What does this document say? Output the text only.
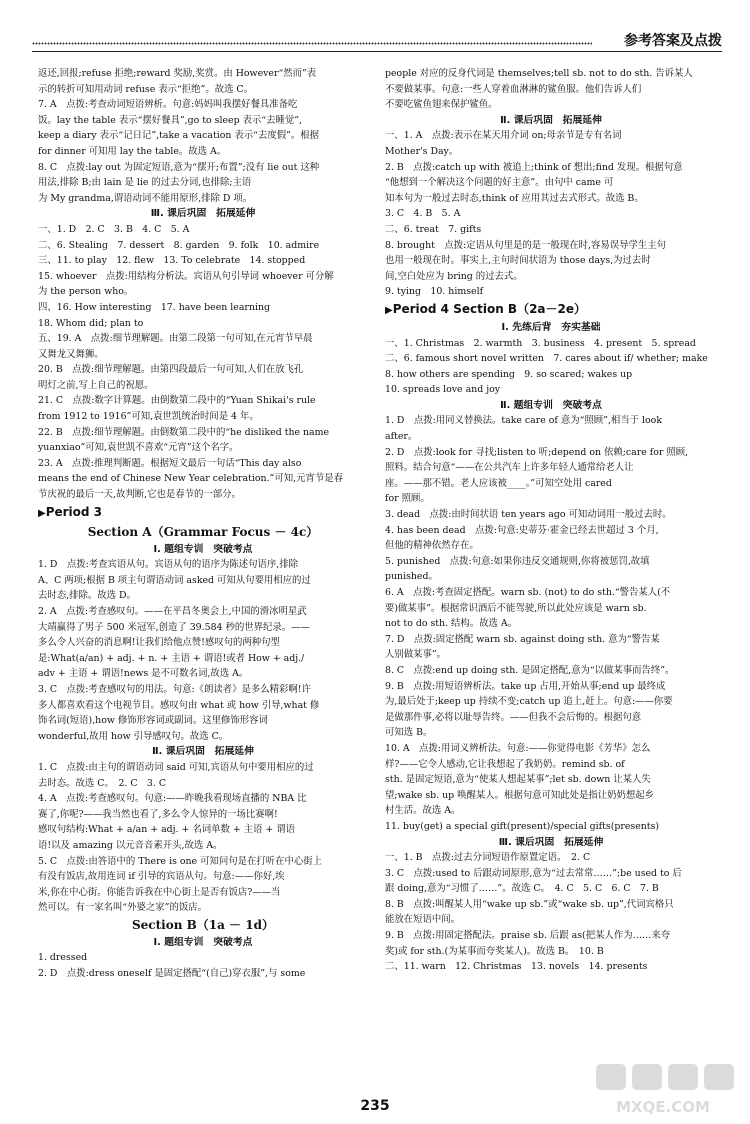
参考答案及点拨
返还,回报;refuse 拒绝;reward 奖励,奖赏。由 However“然而”表
示的转折可知用动词 refuse 表示“拒绝”。故选 C。
7. A　点拨:考查动词短语辨析。句意:妈妈叫我摆好餐具准备吃
饭。lay the table 表示“摆好餐具”,go to sleep 表示“去睡觉”,
keep a diary 表示“记日记”,take a vacation 表示“去度假”。根据
for dinner 可知用 lay the table。故选 A。
8. C　点拨:lay out 为固定短语,意为“摆开;布置”;没有 lie out 这种
用法,排除 B;由 lain 是 lie 的过去分词,也排除;主语
为 My grandma,谓语动词不能用原形,排除 D 项。
Ⅲ. 课后巩固　拓展延伸
一、1. D　2. C　3. B　4. C　5. A
二、6. Stealing　7. dessert　8. garden　9. folk　10. admire
三、11. to play　12. flew　13. To celebrate　14. stopped
15. whoever　点拨:用结构分析法。宾语从句引导词 whoever 可分解
为 the person who。
四、16. How interesting　17. have been learning
18. Whom did; plan to
五、19. A　点拨:细节理解题。由第二段第一句可知,在元宵节早晨
又舞龙又舞狮。
20. B　点拨:细节理解题。由第四段最后一句可知,人们在放飞孔
明灯之前,写上自己的祝愿。
21. C　点拨:数字计算题。由倒数第二段中的“Yuan Shikai's rule
from 1912 to 1916”可知,袁世凯统治时间是 4 年。
22. B　点拨:细节理解题。由倒数第二段中的“he disliked the name
yuanxiao”可知,袁世凯不喜欢“元宵”这个名字。
23. A　点拨:推理判断题。根据短文最后一句话“This day also
means the end of Chinese New Year celebration.”可知,元宵节是春
节庆祝的最后一天,故判断,它也是春节的一部分。
▶Period 3
Section A（Grammar Focus － 4c）
Ⅰ. 题组专训　突破考点
1. D　点拨:考查宾语从句。宾语从句的语序为陈述句语序,排除
A、C 两项;根据 B 项主句谓语动词 asked 可知从句要用相应的过
去时态,排除。故选 D。
2. A　点拨:考查感叹句。——在平昌冬奥会上,中国的滑冰明星武
大靖赢得了男子 500 米冠军,创造了 39.584 秒的世界纪录。——
多么令人兴奋的消息啊!让我们给他点赞!感叹句的两种句型
是:What(a/an) + adj. + n. + 主语 + 谓语!或者 How + adj./
adv + 主语 + 谓语!news 是不可数名词,故选 A。
3. C　点拨:考查感叹句的用法。句意:《朗读者》是多么精彩啊!许
多人都喜欢看这个电视节目。感叹句由 what 或 how 引导,what 修
饰名词(短语),how 修饰形容词或副词。这里修饰形容词
wonderful,故用 how 引导感叹句。故选 C。
Ⅱ. 课后巩固　拓展延伸
1. C　点拨:由主句的谓语动词 said 可知,宾语从句中要用相应的过
去时态。故选 C。　2. C　3. C
4. A　点拨:考查感叹句。句意:——昨晚我看现场直播的 NBA 比
赛了,你呢?——我当然也看了,多么令人惊异的一场比赛啊!
感叹句结构:What + a/an + adj. + 名词单数 + 主语 + 谓语
语!以及 amazing 以元音音素开头,故选 A。
5. C　点拨:由答语中的 There is one 可知问句是在打听在中心街上
有没有饭店,故用连词 if 引导的宾语从句。句意:——你好,埃
米,你在中心街。你能告诉我在中心街上是否有饭店?——当
然可以。有一家名叫“外婆之家”的饭店。
Section B（1a － 1d）
Ⅰ. 题组专训　突破考点
1. dressed
2. D　点拨:dress oneself 是固定搭配“(自己)穿衣服”,与 some
people 对应的反身代词是 themselves;tell sb. not to do sth. 告诉某人
不要做某事。句意:一些人穿着血淋淋的鲨鱼服。他们告诉人们
不要吃鲨鱼翅来保护鲨鱼。
Ⅱ. 课后巩固　拓展延伸
一、1. A　点拨:表示在某天用介词 on;母亲节是专有名词
Mother's Day。
2. B　点拨:catch up with 被追上;think of 想出;find 发现。根据句意
“他想到一个解决这个问题的好主意”。由句中 came 可
知本句为一般过去时态,think of 应用其过去式形式。故选 B。
3. C　4. B　5. A
二、6. treat　7. gifts
8. brought　点拨:定语从句里是的是一般现在时,容易误导学生主句
也用一般现在时。事实上,主句时间状语为 those days,为过去时
间,空白处应为 bring 的过去式。
9. tying　10. himself
▶Period 4 Section B（2a－2e）
Ⅰ. 先练后背　夯实基础
一、1. Christmas　2. warmth　3. business　4. present　5. spread
二、6. famous short novel written　7. cares about if/ whether; make
8. how others are spending　9. so scared; wakes up
10. spreads love and joy
Ⅱ. 题组专训　突破考点
1. D　点拨:用同义替换法。take care of 意为“照顾”,相当于 look
after。
2. D　点拨:look for 寻找;listen to 听;depend on 依赖;care for 照顾,
照料。结合句意“——在公共汽车上许多年轻人通常给老人让
座。——那不错。老人应该被____。”可知空处用 cared
for 照顾。
3. dead　点拨:由时间状语 ten years ago 可知动词用一般过去时。
4. has been dead　点拨:句意:史蒂芬·霍金已经去世超过 3 个月,
但他的精神依然存在。
5. punished　点拨:句意:如果你违反交通规则,你将被惩罚,故填
punished。
6. A　点拨:考查固定搭配。warn sb. (not) to do sth.“警告某人(不
要)做某事”。根据常识酒后不能驾驶,所以此处应该是 warn sb.
not to do sth. 结构。故选 A。
7. D　点拨:固定搭配 warn sb. against doing sth. 意为“警告某
人别做某事”。
8. C　点拨:end up doing sth. 是固定搭配,意为“以做某事而告终”。
9. B　点拨:用短语辨析法。take up 占用,开始从事;end up 最终成
为,最后处于;keep up 持续不变;catch up 追上,赶上。句意:——你要
是做那件事,必将以耻辱告终。——但我不会后悔的。根据句意
可知选 B。
10. A　点拨:用词义辨析法。句意:——你觉得电影《芳华》怎么
样?——它令人感动,它让我想起了我奶奶。remind sb. of
sth. 是固定短语,意为“使某人想起某事”;let sb. down 让某人失
望;wake sb. up 唤醒某人。根据句意可知此处是指让奶奶想起乡
村生活。故选 A。
11. buy(get) a special gift(present)/special gifts(presents)
Ⅲ. 课后巩固　拓展延伸
一、1. B　点拨:过去分词短语作原置定语。　2. C
3. C　点拨:used to 后跟动词原形,意为“过去常常……”;be used to 后
跟 doing,意为“习惯了……”。故选 C。　4. C　5. C　6. C　7. B
8. B　点拨:叫醒某人用“wake up sb.”或“wake sb. up”,代词宾格只
能放在短语中间。
9. B　点拨:用固定搭配法。praise sb. 后跟 as(把某人作为……来夸
奖)或 for sth.(为某事而夸奖某人)。故选 B。　10. B
二、11. warn　12. Christmas　13. novels　14. presents
235	MXQE.COM
